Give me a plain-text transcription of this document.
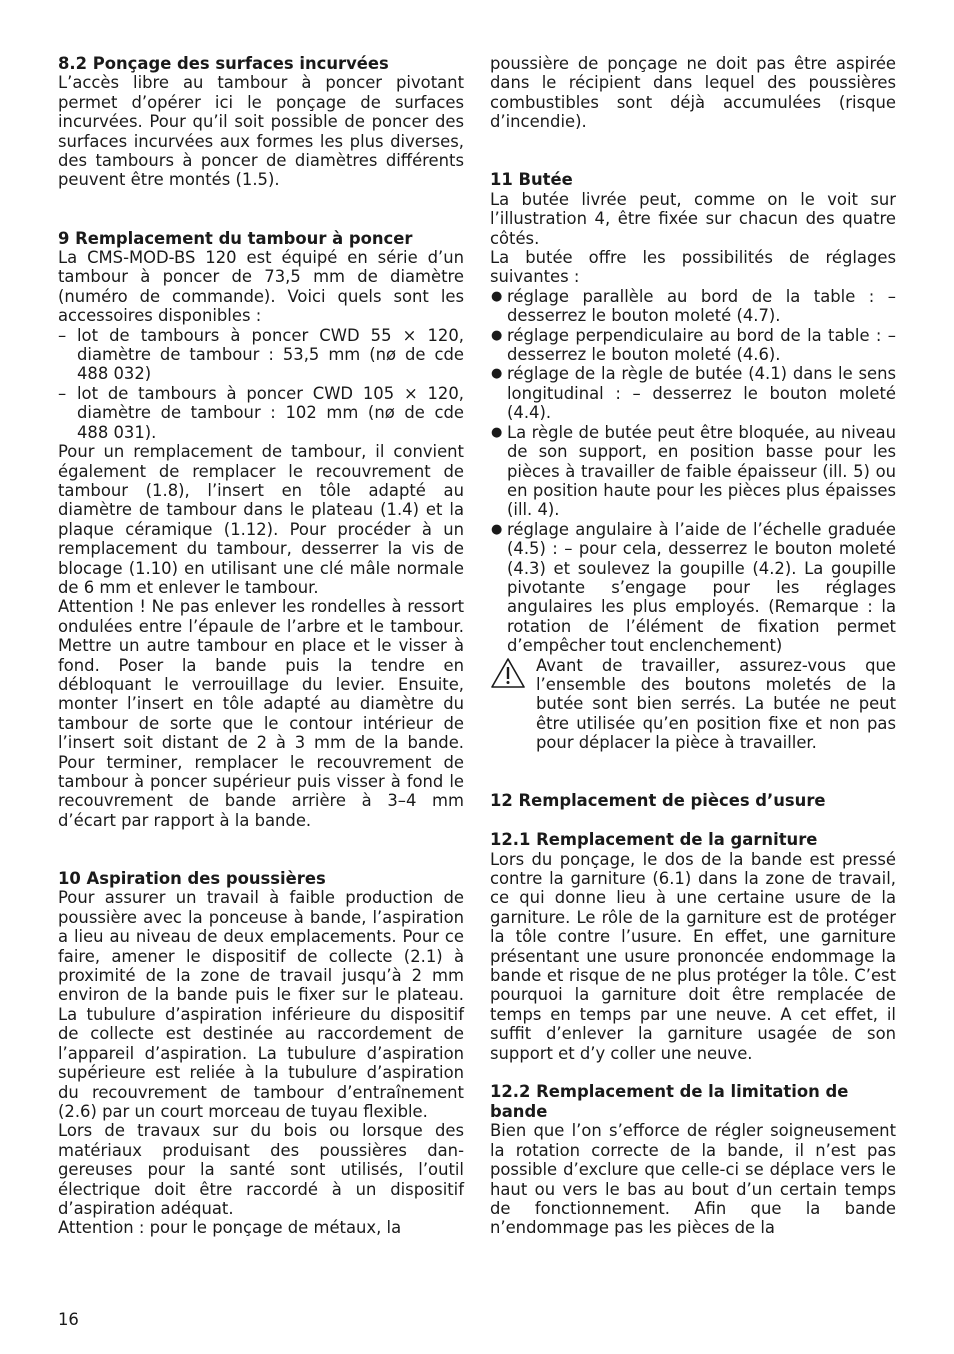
8.2 Ponçage des surfaces incurvées

L’accès libre au tambour à poncer pivotant permet d’opérer ici le ponçage de surfaces incurvées. Pour qu’il soit possible de poncer des surfaces incurvées aux formes les plus diverses, des tambours à poncer de diamètres différents peuvent être montés (1.5).

9 Remplacement du tambour à poncer

La CMS-MOD-BS 120 est équipé en série d’un tambour à poncer de 73,5 mm de diamètre (numéro de commande). Voici quels sont les accessoires disponibles :

– lot de tambours à poncer CWD 55 × 120, diamètre de tambour : 53,5 mm (nø de cde 488 032)

– lot de tambours à poncer CWD 105 × 120, diamètre de tambour : 102 mm (nø de cde 488 031).

Pour un remplacement de tambour, il convient également de remplacer le recouvrement de tambour (1.8), l’insert en tôle adapté au diamètre de tambour dans le plateau (1.4) et la plaque céramique (1.12). Pour procéder à un remplacement du tambour, desserrer la vis de blocage (1.10) en utilisant une clé mâle normale de 6 mm et enlever le tambour.

Attention ! Ne pas enlever les rondelles à ressort ondulées entre l’épaule de l’arbre et le tambour. Mettre un autre tambour en place et le visser à fond. Poser la bande puis la tendre en débloquant le verrouillage du levier. Ensuite, monter l’insert en tôle adapté au diamètre du tambour de sorte que le contour intérieur de l’insert soit distant de 2 à 3 mm de la bande. Pour terminer, remplacer le recouvrement de tambour à poncer supérieur puis visser à fond le recouvrement de bande arrière à 3–4 mm d’écart par rapport à la bande.

10 Aspiration des poussières

Pour assurer un travail à faible production de poussière avec la ponceuse à bande, l’aspiration a lieu au niveau de deux emplacements. Pour ce faire, amener le dispositif de collecte (2.1) à proximité de la zone de travail jusqu’à 2 mm environ de la bande puis le fixer sur le plateau. La tubulure d’aspiration inférieure du dispositif de collecte est destinée au raccordement de l’appareil d’aspiration. La tubulure d’aspiration supérieure est reliée à la tubulure d’aspiration du recouvrement de tambour d’entraînement (2.6) par un court morceau de tuyau flexible.

Lors de travaux sur du bois ou lorsque des matériaux produisant des poussières dangereuses pour la santé sont utilisés, l’outil électrique doit être raccordé à un dispositif d’aspiration adéquat.

Attention : pour le ponçage de métaux, la

poussière de ponçage ne doit pas être aspirée dans le récipient dans lequel des poussières combustibles sont déjà accumulées (risque d’incendie).

11 Butée

La butée livrée peut, comme on le voit sur l’illustration 4, être fixée sur chacun des quatre côtés.

La butée offre les possibilités de réglages suivantes :

● réglage parallèle au bord de la table : – desserrez le bouton moleté (4.7).

● réglage perpendiculaire au bord de la table : – desserrez le bouton moleté (4.6).

● réglage de la règle de butée (4.1) dans le sens longitudinal : – desserrez le bouton moleté (4.4).

● La règle de butée peut être bloquée, au niveau de son support, en position basse pour les pièces à travailler de faible épaisseur (ill. 5) ou en position haute pour les pièces plus épaisses (ill. 4).

● réglage angulaire à l’aide de l’échelle graduée (4.5) : – pour cela, desserrez le bouton moleté (4.3) et soulevez la goupille (4.2). La goupille pivotante s’engage pour les réglages angulaires les plus employés. (Remarque : la rotation de l’élément de fixation permet d’empêcher tout enclenchement)

Avant de travailler, assurez-vous que l’ensemble des boutons moletés de la butée sont bien serrés. La butée ne peut être utilisée qu’en position fixe et non pas pour déplacer la pièce à travailler.

12 Remplacement de pièces d’usure
12.1 Remplacement de la garniture

Lors du ponçage, le dos de la bande est pressé contre la garniture (6.1) dans la zone de travail, ce qui donne lieu à une certaine usure de la garniture. Le rôle de la garniture est de protéger la tôle contre l’usure. En effet, une garniture présentant une usure prononcée endommage la bande et risque de ne plus protéger la tôle. C’est pourquoi la garniture doit être remplacée de temps en temps par une neuve. A cet effet, il suffit d’enlever la garniture usagée de son support et d’y coller une neuve.

12.2 Remplacement de la limitation de bande

Bien que l’on s’efforce de régler soigneusement la rotation correcte de la bande, il n’est pas possible d’exclure que celle-ci se déplace vers le haut ou vers le bas au bout d’un certain temps de fonctionnement. Afin que la bande n’endommage pas les pièces de la

16
